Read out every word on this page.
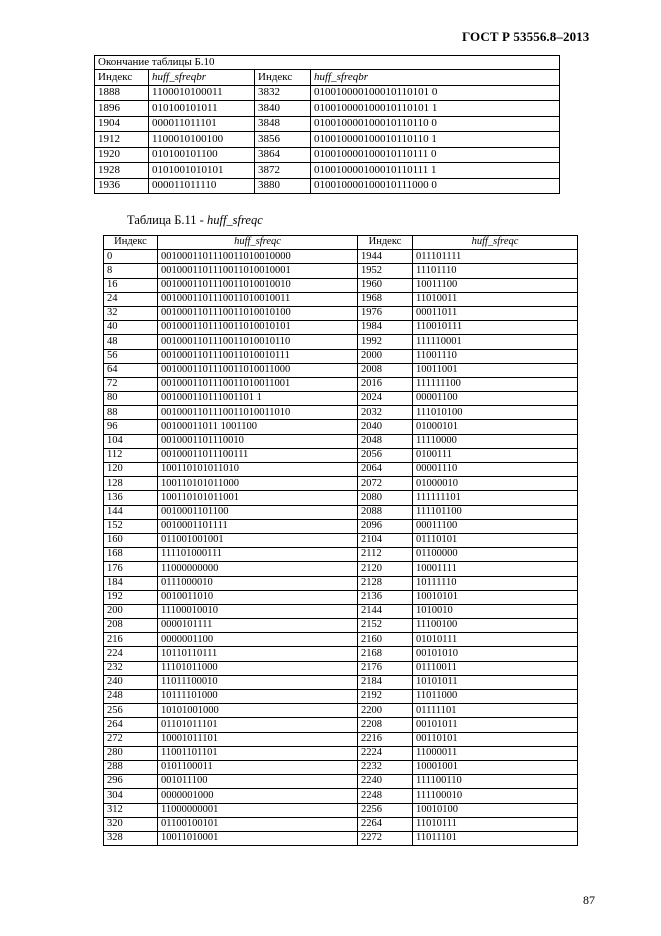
ГОСТ Р 53556.8–2013
Окончание таблицы Б.10			
Индекс	huff_sfreqbr	Индекс	huff_sfreqbr
1888	1100010100011	3832	010010000100010110101 0
1896	010100101011	3840	010010000100010110101 1
1904	000011011101	3848	010010000100010110110 0
1912	1100010100100	3856	010010000100010110110 1
1920	010100101100	3864	010010000100010110111 0
1928	0101001010101	3872	010010000100010110111 1
1936	000011011110	3880	010010000100010111000 0
Таблица Б.11 - huff_sfreqc
Индекс	huff_sfreqc	Индекс	huff_sfreqc
0	0010001101110011010010000	1944	011101111
8	0010001101110011010010001	1952	11101110
16	0010001101110011010010010	1960	10011100
24	0010001101110011010010011	1968	11010011
32	0010001101110011010010100	1976	00011011
40	0010001101110011010010101	1984	110010111
48	0010001101110011010010110	1992	111110001
56	0010001101110011010010111	2000	11001110
64	0010001101110011010011000	2008	10011001
72	0010001101110011010011001	2016	111111100
80	001000110111001101 1	2024	00001100
88	0010001101110011010011010	2032	111010100
96	00100011011 1001100	2040	01000101
104	0010001101110010	2048	11110000
112	00100011011100111	2056	0100111
120	100110101011010	2064	00001110
128	100110101011000	2072	01000010
136	100110101011001	2080	111111101
144	0010001101100	2088	111101100
152	0010001101111	2096	00011100
160	011001001001	2104	01110101
168	111101000111	2112	01100000
176	11000000000	2120	10001111
184	0111000010	2128	10111110
192	0010011010	2136	10010101
200	11100010010	2144	1010010
208	0000101111	2152	11100100
216	0000001100	2160	01010111
224	10110110111	2168	00101010
232	11101011000	2176	01110011
240	11011100010	2184	10101011
248	10111101000	2192	11011000
256	10101001000	2200	01111101
264	01101011101	2208	00101011
272	10001011101	2216	00110101
280	11001101101	2224	11000011
288	0101100011	2232	10001001
296	001011100	2240	111100110
304	0000001000	2248	111100010
312	11000000001	2256	10010100
320	01100100101	2264	11010111
328	10011010001	2272	11011101
87
